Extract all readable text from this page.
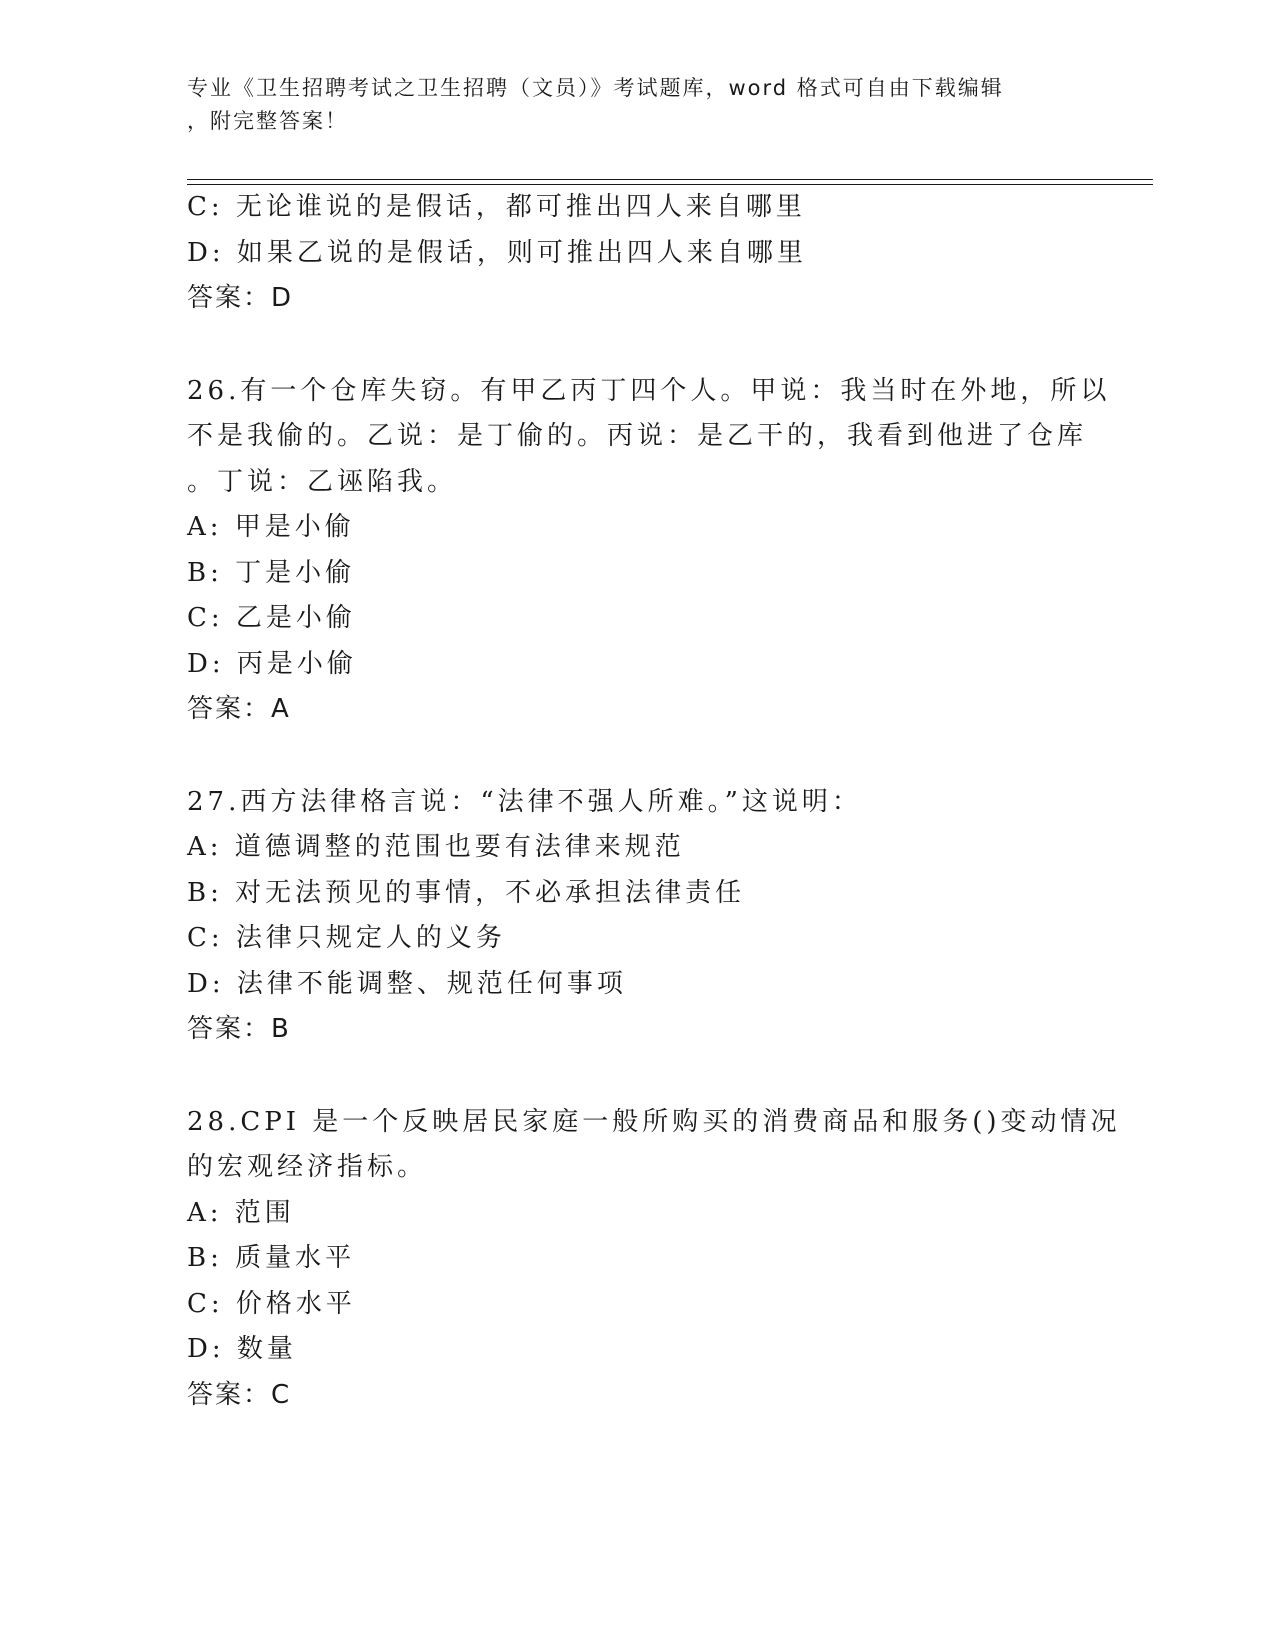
专业《卫生招聘考试之卫生招聘（文员）》考试题库，word 格式可自由下载编辑
，附完整答案！
C: 无论谁说的是假话，都可推出四人来自哪里
D: 如果乙说的是假话，则可推出四人来自哪里
答案：D
26.有一个仓库失窃。有甲乙丙丁四个人。甲说：我当时在外地，所以
不是我偷的。乙说：是丁偷的。丙说：是乙干的，我看到他进了仓库
。丁说：乙诬陷我。
A: 甲是小偷
B: 丁是小偷
C: 乙是小偷
D: 丙是小偷
答案：A
27.西方法律格言说：“法律不强人所难。”这说明：
A: 道德调整的范围也要有法律来规范
B: 对无法预见的事情，不必承担法律责任
C: 法律只规定人的义务
D: 法律不能调整、规范任何事项
答案：B
28.CPI 是一个反映居民家庭一般所购买的消费商品和服务()变动情况
的宏观经济指标。
A: 范围
B: 质量水平
C: 价格水平
D: 数量
答案：C
